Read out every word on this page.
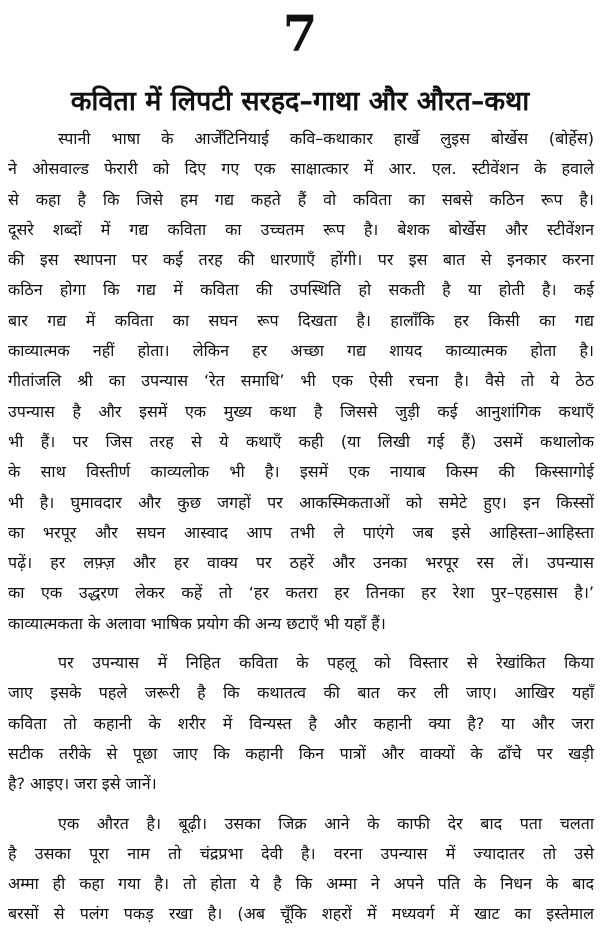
7
कविता में लिपटी सरहद–गाथा और औरत–कथा
स्पानी भाषा के आर्जेंटिनियाई कवि–कथाकार हार्खे लुइस बोर्खेस (बोर्हेस)
ने ओसवाल्ड फेरारी को दिए गए एक साक्षात्कार में आर. एल. स्टीवेंशन के हवाले
से कहा है कि जिसे हम गद्य कहते हैं वो कविता का सबसे कठिन रूप है।
दूसरे शब्दों में गद्य कविता का उच्चतम रूप है। बेशक बोर्खेस और स्टीवेंशन
की इस स्थापना पर कई तरह की धारणाएँ होंगी। पर इस बात से इनकार करना
कठिन होगा कि गद्य में कविता की उपस्थिति हो सकती है या होती है। कई
बार गद्य में कविता का सघन रूप दिखता है। हालाँकि हर किसी का गद्य
काव्यात्मक नहीं होता। लेकिन हर अच्छा गद्य शायद काव्यात्मक होता है।
गीतांजलि श्री का उपन्यास ‘रेत समाधि’ भी एक ऐसी रचना है। वैसे तो ये ठेठ
उपन्यास है और इसमें एक मुख्य कथा है जिससे जुड़ी कई आनुशांगिक कथाएँ
भी हैं। पर जिस तरह से ये कथाएँ कही (या लिखी गई हैं) उसमें कथालोक
के साथ विस्तीर्ण काव्यलोक भी है। इसमें एक नायाब किस्म की किस्सागोई
भी है। घुमावदार और कुछ जगहों पर आकस्मिकताओं को समेटे हुए। इन किस्सों
का भरपूर और सघन आस्वाद आप तभी ले पाएंगे जब इसे आहिस्ता–आहिस्ता
पढ़ें। हर लफ़्ज़ और हर वाक्य पर ठहरें और उनका भरपूर रस लें। उपन्यास
का एक उद्धरण लेकर कहें तो ‘हर कतरा हर तिनका हर रेशा पुर–एहसास है।’
काव्यात्मकता के अलावा भाषिक प्रयोग की अन्य छटाएँ भी यहाँ हैं।
पर उपन्यास में निहित कविता के पहलू को विस्तार से रेखांकित किया
जाए इसके पहले जरूरी है कि कथातत्व की बात कर ली जाए। आखिर यहाँ
कविता तो कहानी के शरीर में विन्यस्त है और कहानी क्या है? या और जरा
सटीक तरीके से पूछा जाए कि कहानी किन पात्रों और वाक्यों के ढाँचे पर खड़ी
है? आइए। जरा इसे जानें।
एक औरत है। बूढ़ी। उसका जिक्र आने के काफी देर बाद पता चलता
है उसका पूरा नाम तो चंद्रप्रभा देवी है। वरना उपन्यास में ज्यादातर तो उसे
अम्मा ही कहा गया है। तो होता ये है कि अम्मा ने अपने पति के निधन के बाद
बरसों से पलंग पकड़ रखा है। (अब चूँकि शहरों में मध्यवर्ग में खाट का इस्तेमाल
